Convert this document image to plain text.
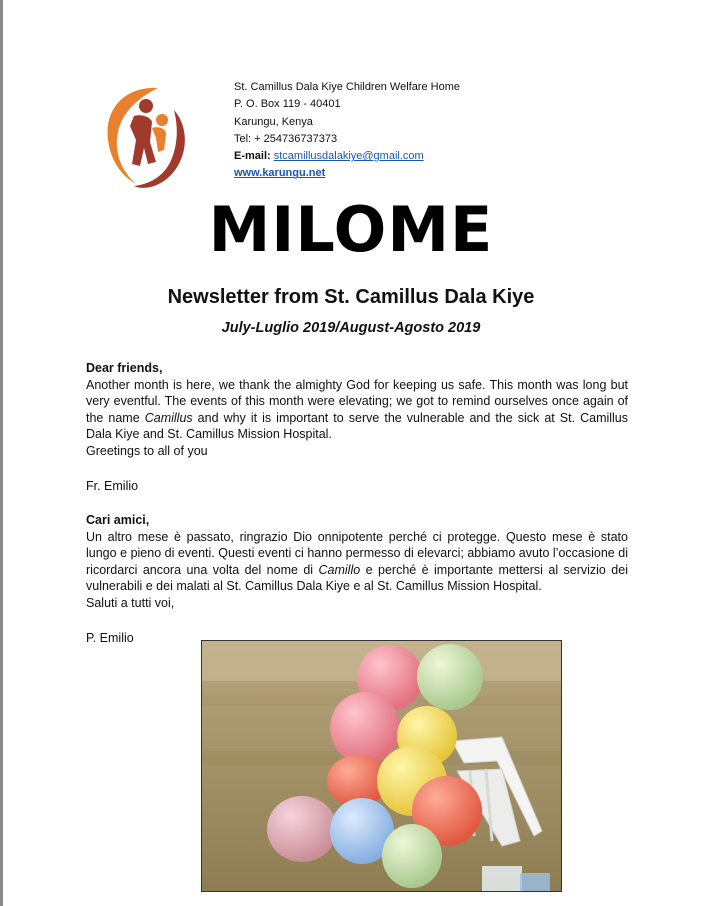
St. Camillus Dala Kiye Children Welfare Home
P. O. Box 119 - 40401
Karungu, Kenya
Tel: + 254736737373
E-mail: stcamillusdalakiye@gmail.com
www.karungu.net
MILOME
Newsletter from St. Camillus Dala Kiye
July-Luglio 2019/August-Agosto 2019

Dear friends,

Another month is here, we thank the almighty God for keeping us safe. This month was long but very eventful. The events of this month were elevating; we got to remind ourselves once again of the name Camillus and why it is important to serve the vulnerable and the sick at St. Camillus Dala Kiye and St. Camillus Mission Hospital.

Greetings to all of you

Fr. Emilio

Cari amici,

Un altro mese è passato, ringrazio Dio onnipotente perché ci protegge. Questo mese è stato lungo e pieno di eventi. Questi eventi ci hanno permesso di elevarci; abbiamo avuto l’occasione di ricordarci ancora una volta del nome di Camillo e perché è importante mettersi al servizio dei vulnerabili e dei malati al St. Camillus Dala Kiye e al St. Camillus Mission Hospital.

Saluti a tutti voi,

P. Emilio
